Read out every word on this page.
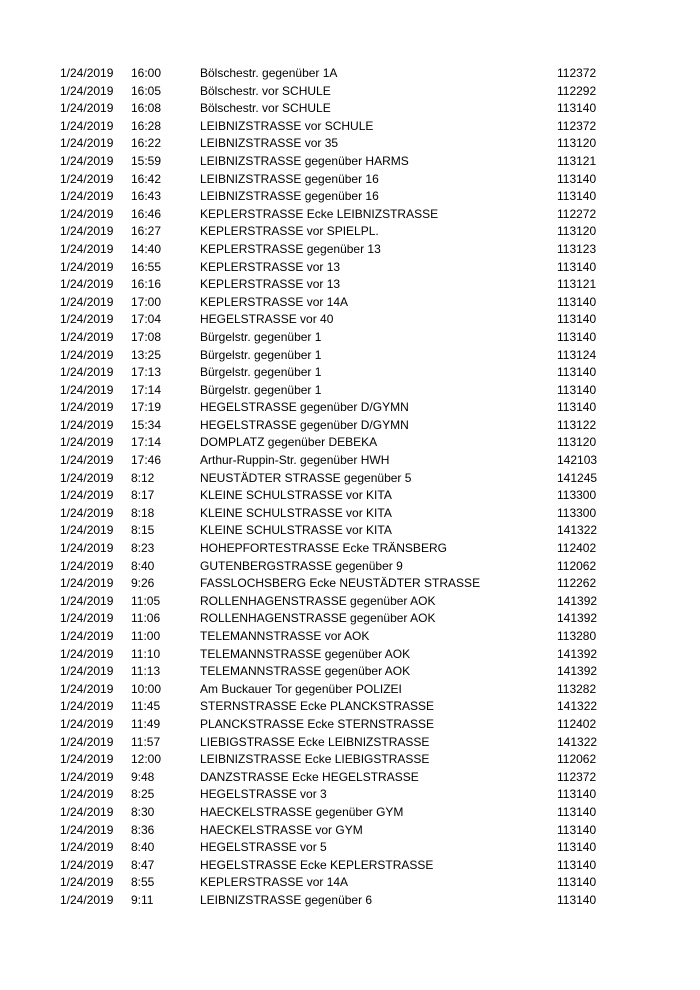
1/24/2019	16:00	Bölschestr. gegenüber 1A	112372
1/24/2019	16:05	Bölschestr. vor SCHULE	112292
1/24/2019	16:08	Bölschestr. vor SCHULE	113140
1/24/2019	16:28	LEIBNIZSTRASSE vor SCHULE	112372
1/24/2019	16:22	LEIBNIZSTRASSE vor 35	113120
1/24/2019	15:59	LEIBNIZSTRASSE gegenüber HARMS	113121
1/24/2019	16:42	LEIBNIZSTRASSE gegenüber 16	113140
1/24/2019	16:43	LEIBNIZSTRASSE gegenüber 16	113140
1/24/2019	16:46	KEPLERSTRASSE Ecke LEIBNIZSTRASSE	112272
1/24/2019	16:27	KEPLERSTRASSE vor SPIELPL.	113120
1/24/2019	14:40	KEPLERSTRASSE gegenüber 13	113123
1/24/2019	16:55	KEPLERSTRASSE vor 13	113140
1/24/2019	16:16	KEPLERSTRASSE vor 13	113121
1/24/2019	17:00	KEPLERSTRASSE vor 14A	113140
1/24/2019	17:04	HEGELSTRASSE vor 40	113140
1/24/2019	17:08	Bürgelstr. gegenüber 1	113140
1/24/2019	13:25	Bürgelstr. gegenüber 1	113124
1/24/2019	17:13	Bürgelstr. gegenüber 1	113140
1/24/2019	17:14	Bürgelstr. gegenüber 1	113140
1/24/2019	17:19	HEGELSTRASSE gegenüber D/GYMN	113140
1/24/2019	15:34	HEGELSTRASSE gegenüber D/GYMN	113122
1/24/2019	17:14	DOMPLATZ gegenüber DEBEKA	113120
1/24/2019	17:46	Arthur-Ruppin-Str. gegenüber HWH	142103
1/24/2019	8:12	NEUSTÄDTER STRASSE gegenüber 5	141245
1/24/2019	8:17	KLEINE SCHULSTRASSE vor KITA	113300
1/24/2019	8:18	KLEINE SCHULSTRASSE vor KITA	113300
1/24/2019	8:15	KLEINE SCHULSTRASSE vor KITA	141322
1/24/2019	8:23	HOHEPFORTESTRASSE Ecke TRÄNSBERG	112402
1/24/2019	8:40	GUTENBERGSTRASSE gegenüber 9	112062
1/24/2019	9:26	FASSLOCHSBERG Ecke NEUSTÄDTER STRASSE	112262
1/24/2019	11:05	ROLLENHAGENSTRASSE gegenüber AOK	141392
1/24/2019	11:06	ROLLENHAGENSTRASSE gegenüber AOK	141392
1/24/2019	11:00	TELEMANNSTRASSE vor AOK	113280
1/24/2019	11:10	TELEMANNSTRASSE gegenüber AOK	141392
1/24/2019	11:13	TELEMANNSTRASSE gegenüber AOK	141392
1/24/2019	10:00	Am Buckauer Tor gegenüber POLIZEI	113282
1/24/2019	11:45	STERNSTRASSE Ecke PLANCKSTRASSE	141322
1/24/2019	11:49	PLANCKSTRASSE Ecke STERNSTRASSE	112402
1/24/2019	11:57	LIEBIGSTRASSE Ecke LEIBNIZSTRASSE	141322
1/24/2019	12:00	LEIBNIZSTRASSE Ecke LIEBIGSTRASSE	112062
1/24/2019	9:48	DANZSTRASSE Ecke HEGELSTRASSE	112372
1/24/2019	8:25	HEGELSTRASSE vor 3	113140
1/24/2019	8:30	HAECKELSTRASSE gegenüber GYM	113140
1/24/2019	8:36	HAECKELSTRASSE vor GYM	113140
1/24/2019	8:40	HEGELSTRASSE vor 5	113140
1/24/2019	8:47	HEGELSTRASSE Ecke KEPLERSTRASSE	113140
1/24/2019	8:55	KEPLERSTRASSE vor 14A	113140
1/24/2019	9:11	LEIBNIZSTRASSE gegenüber 6	113140
